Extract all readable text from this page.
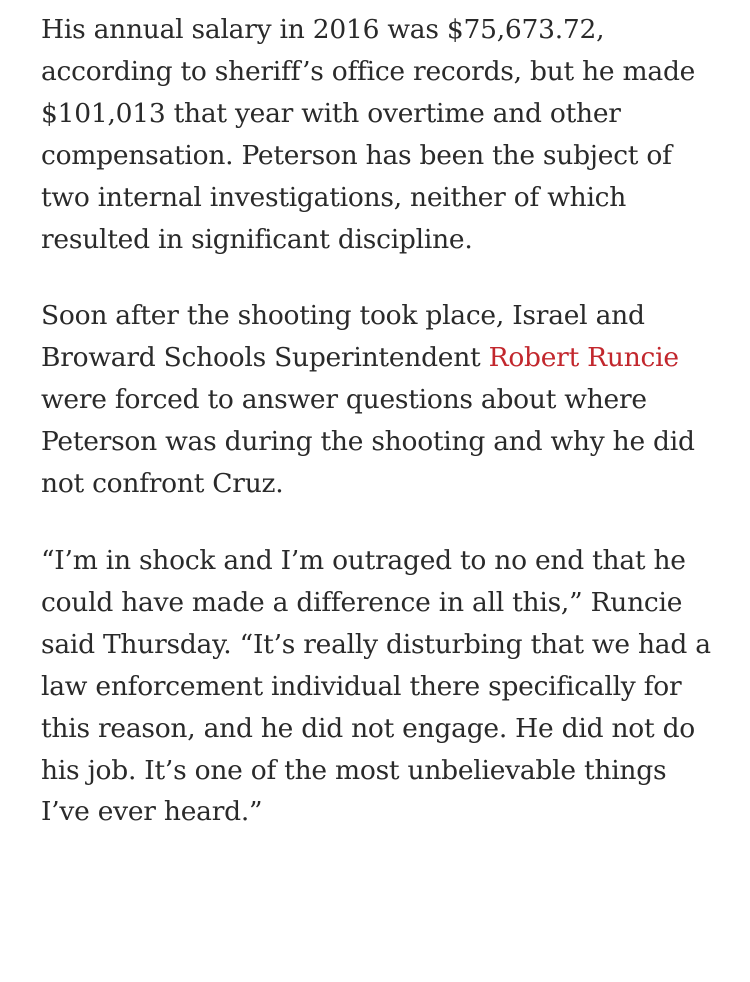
His annual salary in 2016 was $75,673.72,
according to sheriff’s office records, but he made
$101,013 that year with overtime and other
compensation. Peterson has been the subject of
two internal investigations, neither of which
resulted in significant discipline.

Soon after the shooting took place, Israel and
Broward Schools Superintendent Robert Runcie
were forced to answer questions about where
Peterson was during the shooting and why he did
not confront Cruz.

“I’m in shock and I’m outraged to no end that he
could have made a difference in all this,” Runcie
said Thursday. “It’s really disturbing that we had a
law enforcement individual there specifically for
this reason, and he did not engage. He did not do
his job. It’s one of the most unbelievable things
I’ve ever heard.”
